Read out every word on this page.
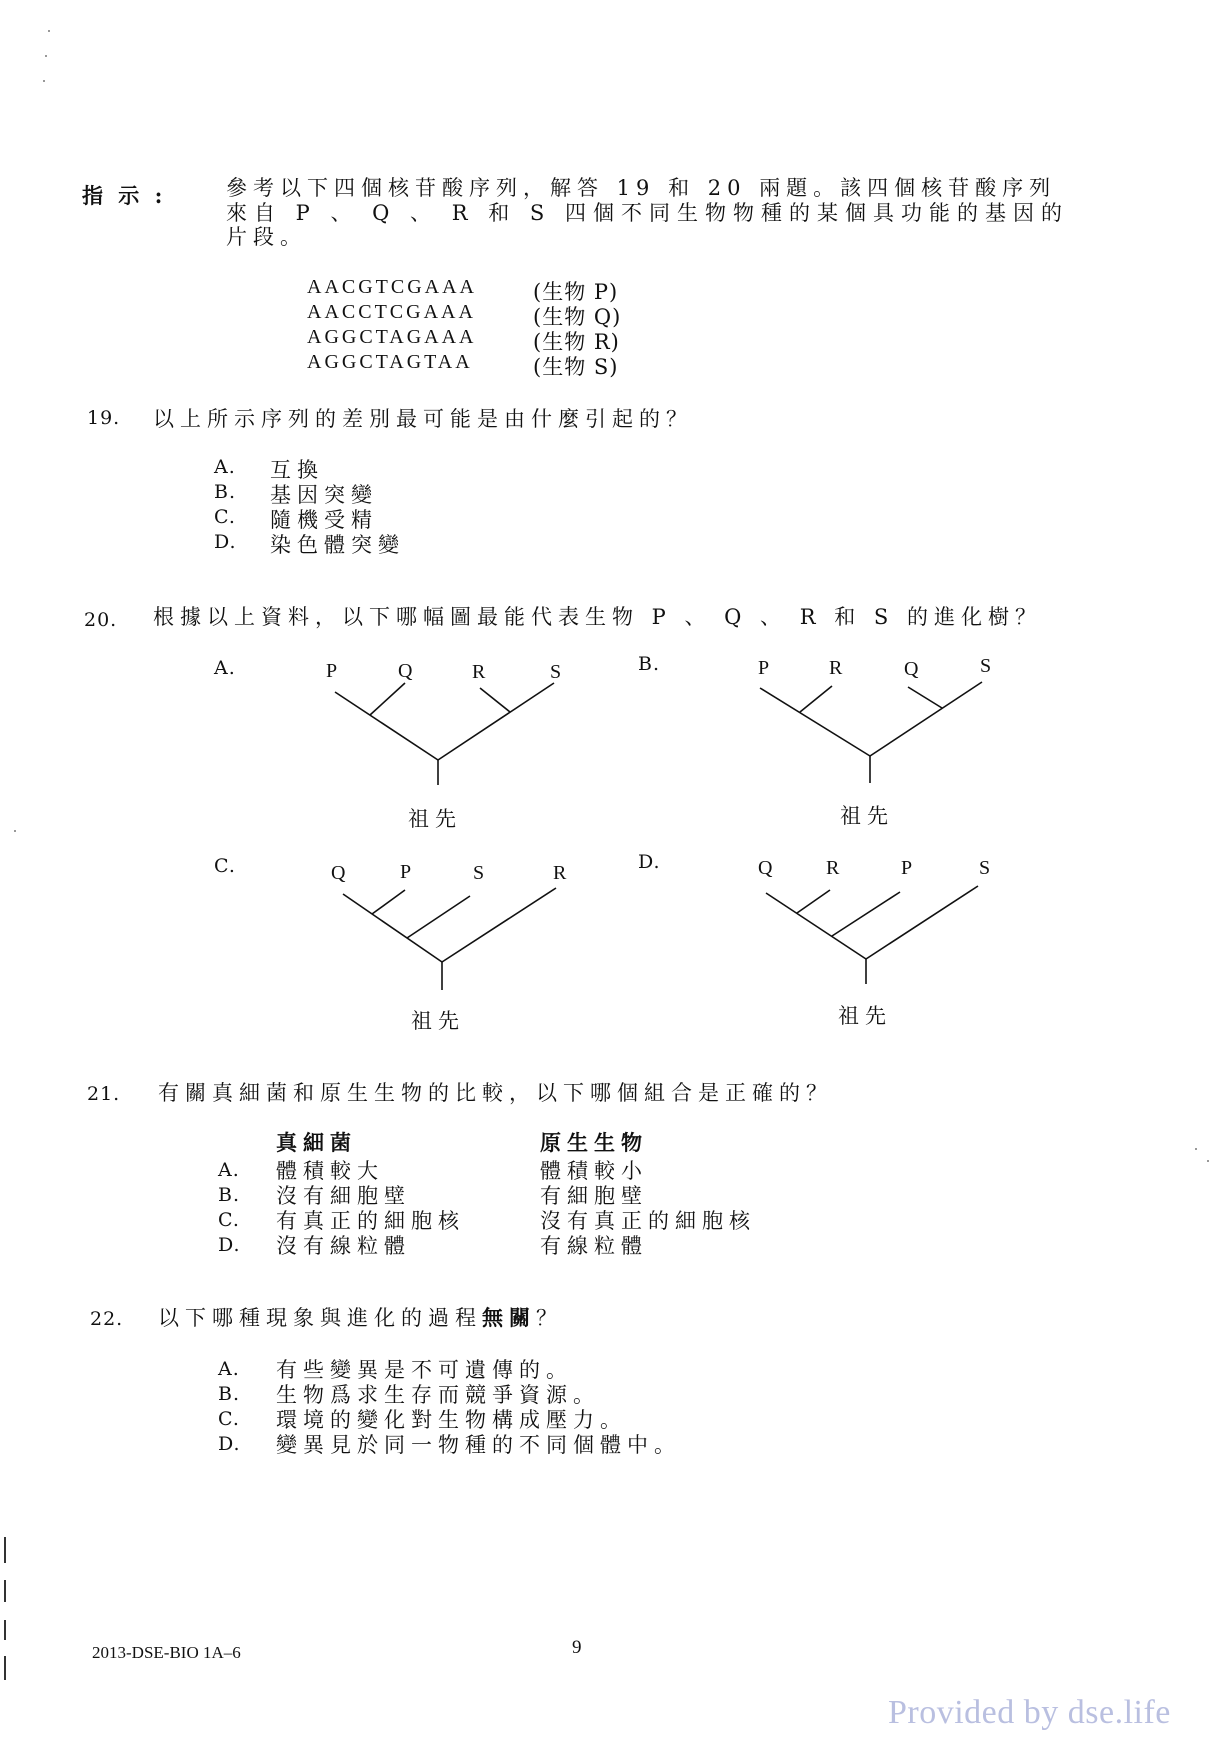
指 示 :	參考以下四個核苷酸序列，解答 19 和 20 兩題。該四個核苷酸序列
來自 P 、 Q 、 R 和 S 四個不同生物物種的某個具功能的基因的
片段。
AACGTCGAAA	(生物 P)
AACCTCGAAA	(生物 Q)
AGGCTAGAAA	(生物 R)
AGGCTAGTAA	(生物 S)
19. 以上所示序列的差別最可能是由什麼引起的？
A. 互換
B. 基因突變
C. 隨機受精
D. 染色體突變
20. 根據以上資料，以下哪幅圖最能代表生物 P 、 Q 、 R 和 S 的進化樹？
A.	P	Q	R	S
祖先
B.	P	R	Q	S
祖先
C.	Q	P	S	R
祖先
D.	Q	R	P	S
祖先
21. 有關真細菌和原生生物的比較，以下哪個組合是正確的？
真細菌	原生生物
A. 體積較大	體積較小
B. 沒有細胞壁	有細胞壁
C. 有真正的細胞核	沒有真正的細胞核
D. 沒有線粒體	有線粒體
22. 以下哪種現象與進化的過程無關？
A. 有些變異是不可遺傳的。
B. 生物爲求生存而競爭資源。
C. 環境的變化對生物構成壓力。
D. 變異見於同一物種的不同個體中。
2013-DSE-BIO 1A–6	9
Provided by dse.life
